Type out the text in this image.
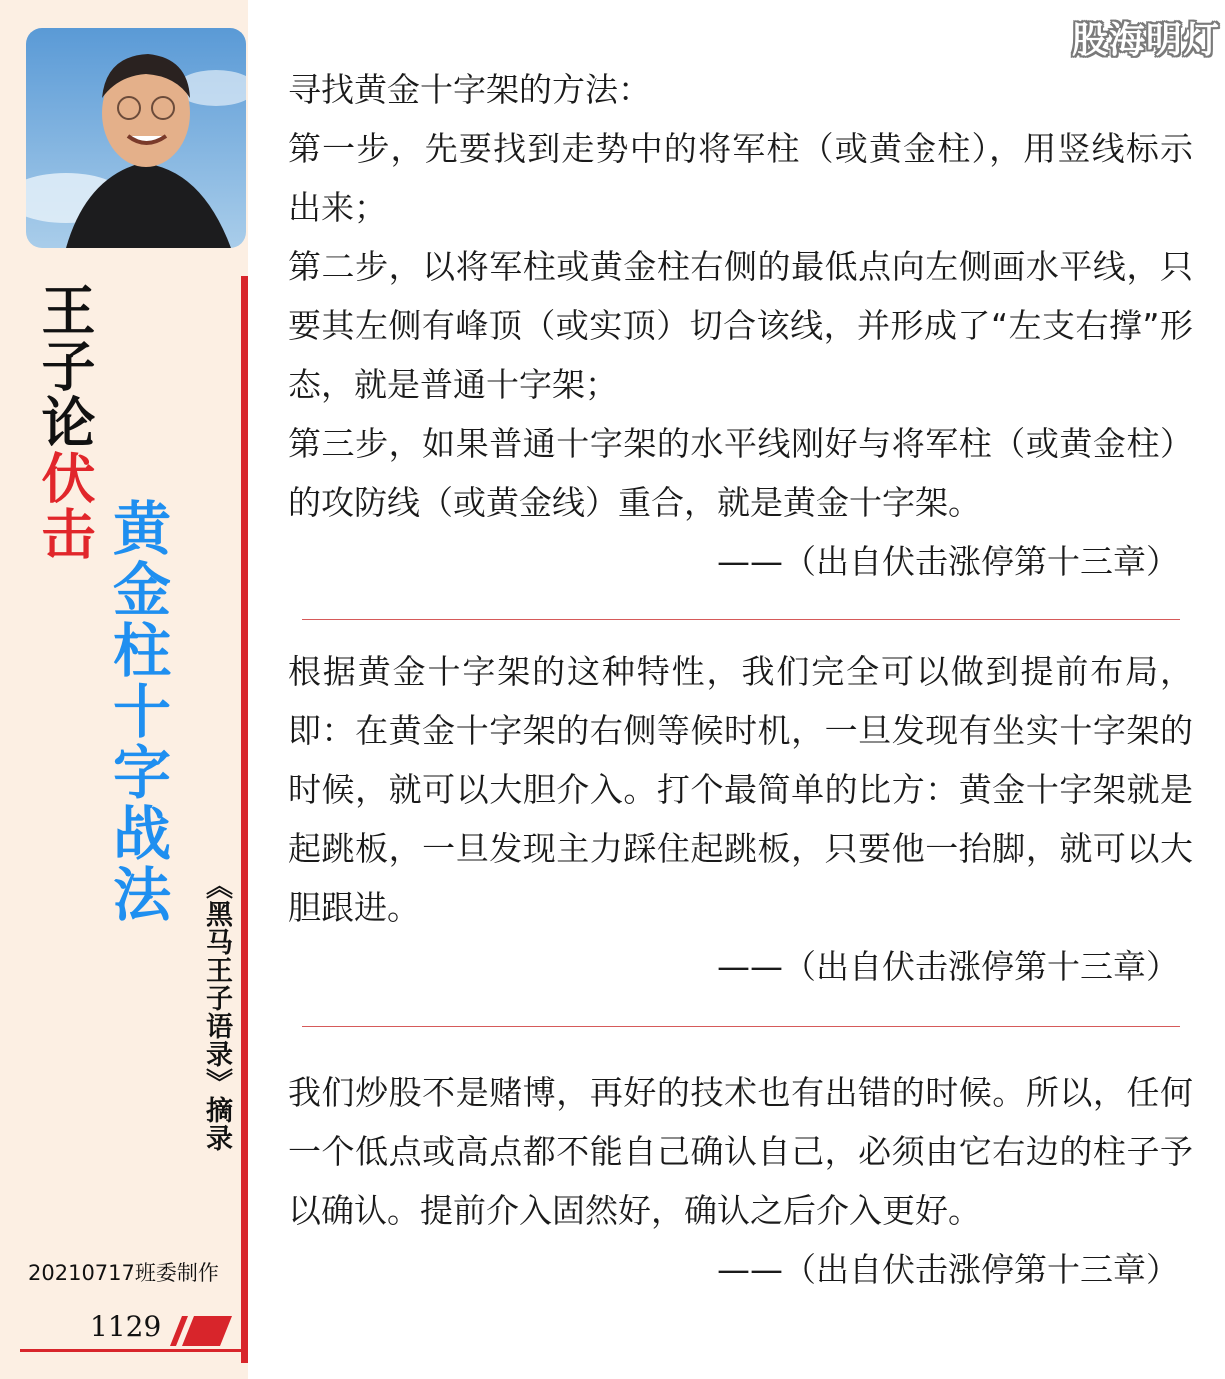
王子论伏击 黄金柱十字战法
《黑马王子语录》摘录
20210717班委制作
1129
股海明灯

寻找黄金十字架的方法：

第一步，先要找到走势中的将军柱（或黄金柱），用竖线标示出来；

第二步，以将军柱或黄金柱右侧的最低点向左侧画水平线，只要其左侧有峰顶（或实顶）切合该线，并形成了“左支右撑”形态，就是普通十字架；

第三步，如果普通十字架的水平线刚好与将军柱（或黄金柱）的攻防线（或黄金线）重合，就是黄金十字架。

——（出自伏击涨停第十三章）

根据黄金十字架的这种特性，我们完全可以做到提前布局，即：在黄金十字架的右侧等候时机，一旦发现有坐实十字架的时候，就可以大胆介入。打个最简单的比方：黄金十字架就是起跳板，一旦发现主力踩住起跳板，只要他一抬脚，就可以大胆跟进。

——（出自伏击涨停第十三章）

我们炒股不是赌博，再好的技术也有出错的时候。所以，任何一个低点或高点都不能自己确认自己，必须由它右边的柱子予以确认。提前介入固然好，确认之后介入更好。

——（出自伏击涨停第十三章）
